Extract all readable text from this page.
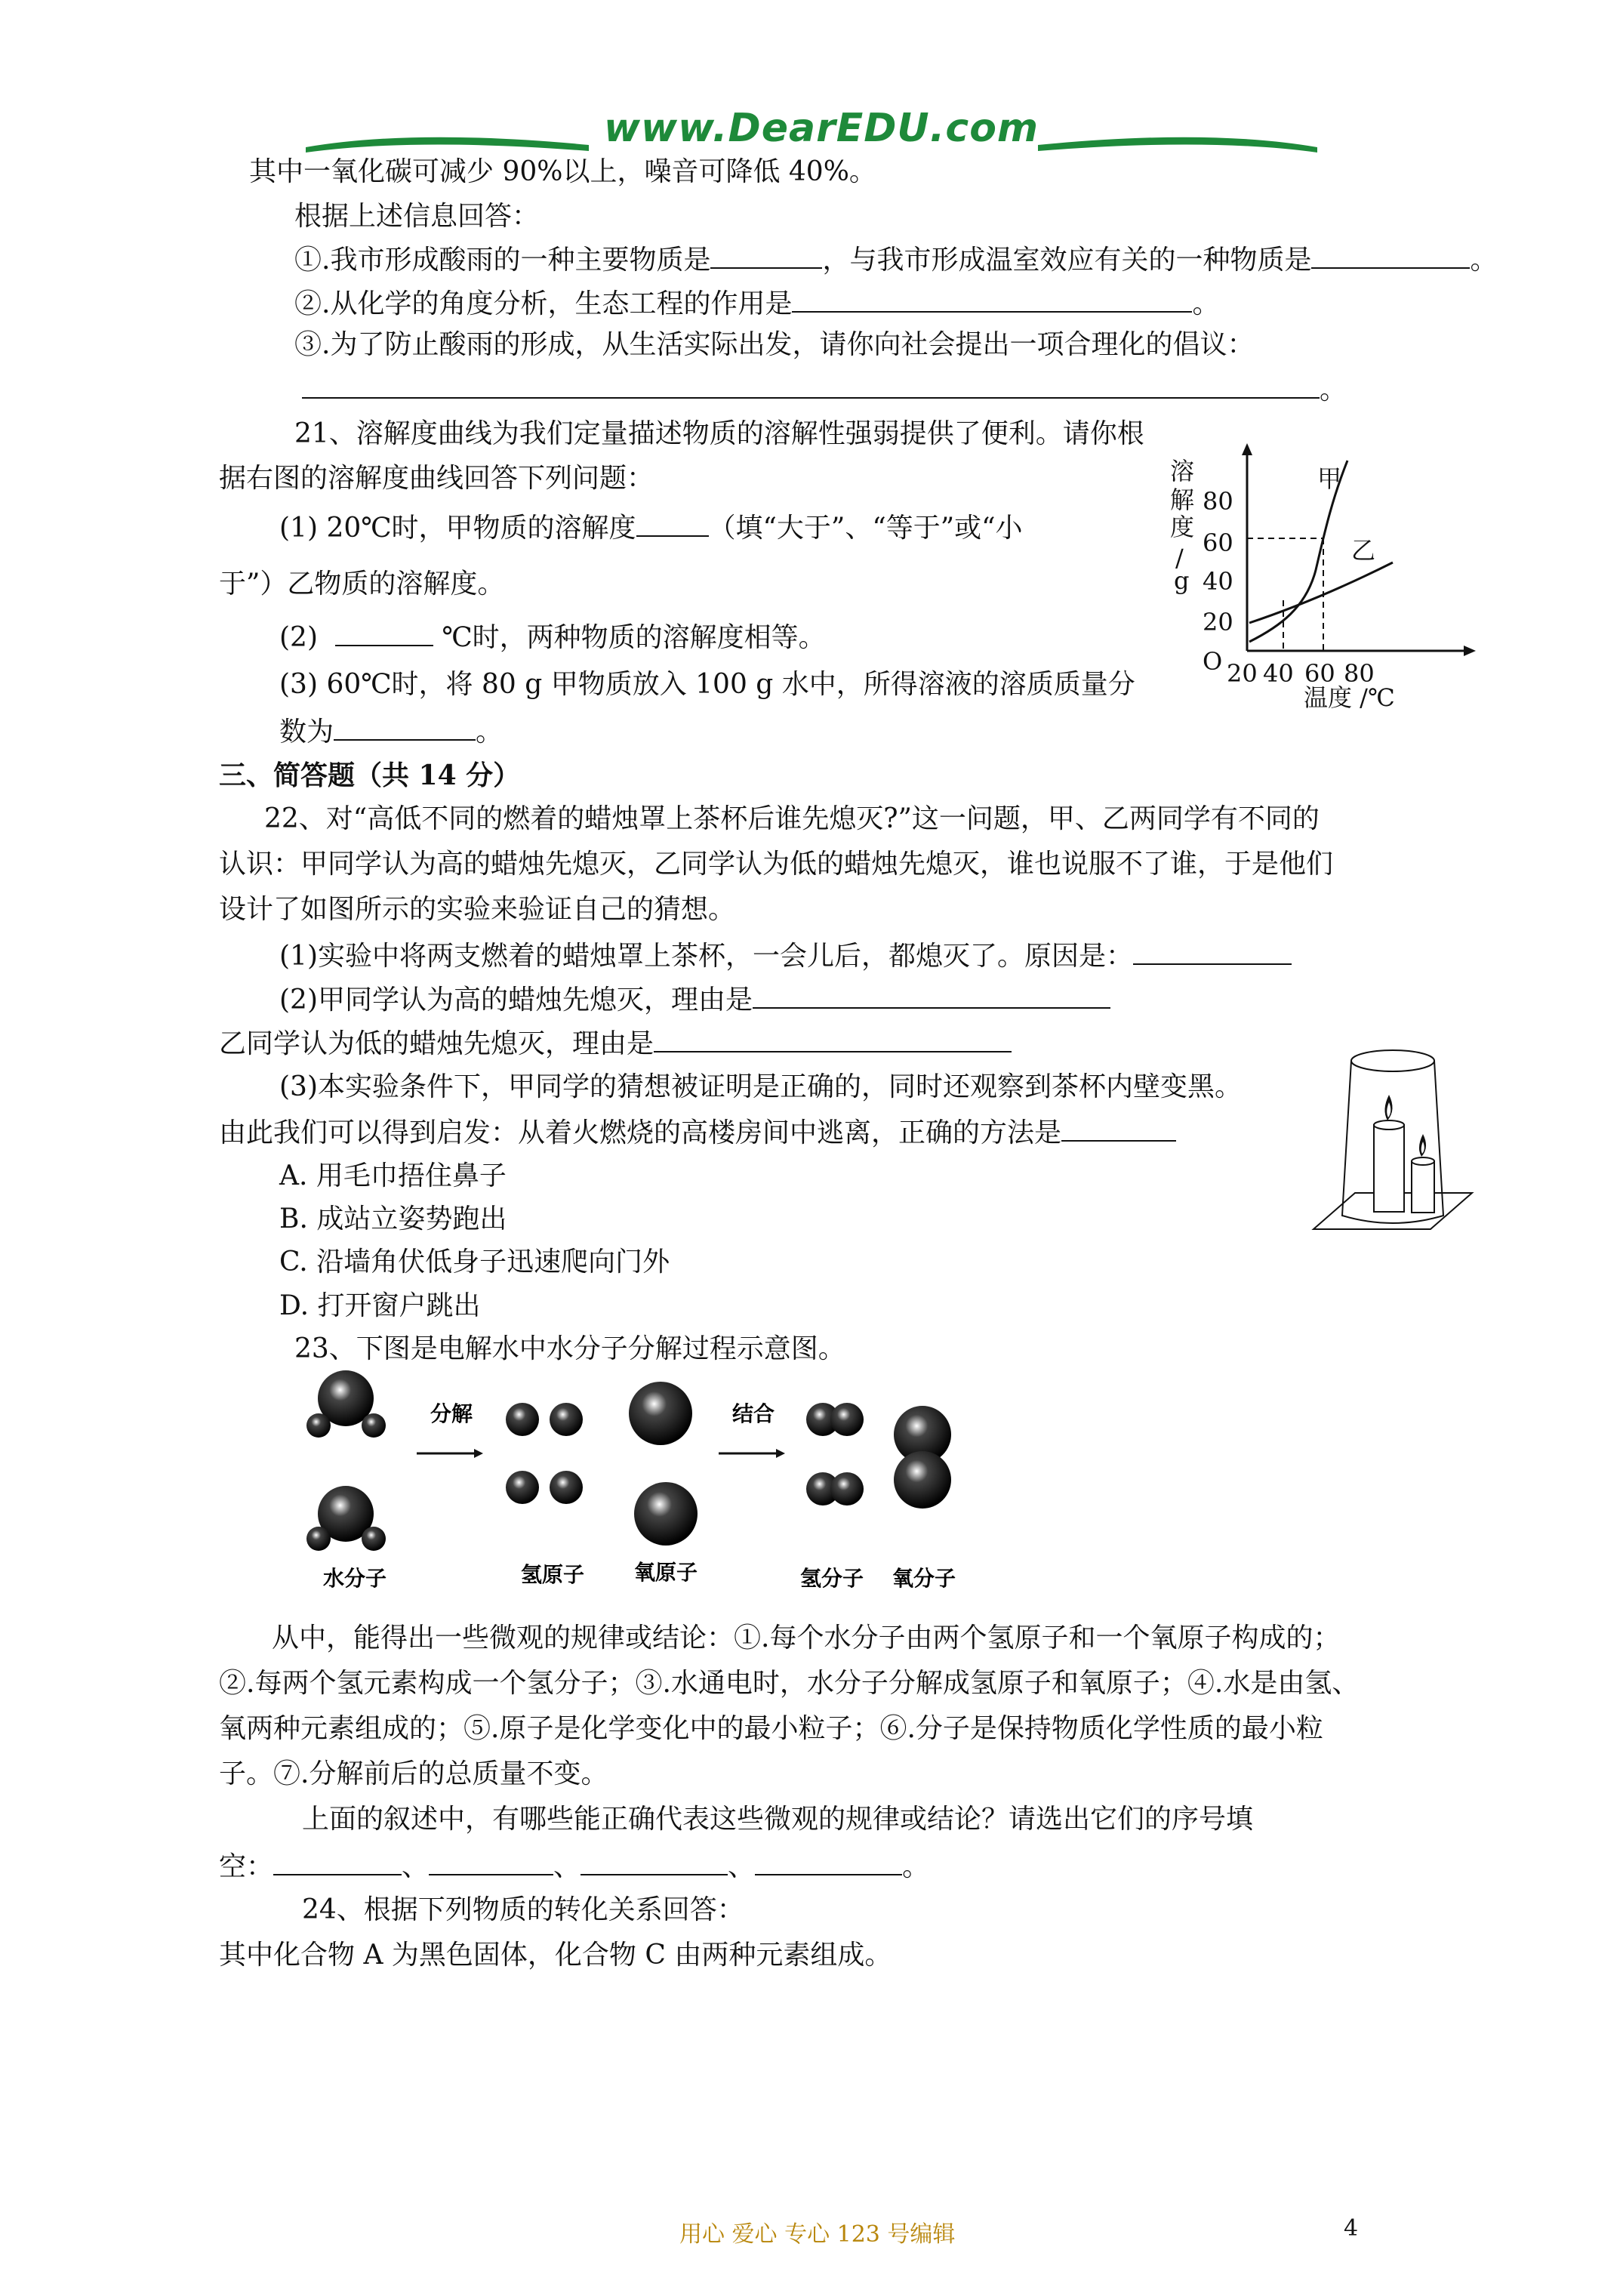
www.DearEDU.com
其中一氧化碳可减少 90%以上，噪音可降低 40%。
根据上述信息回答：
①.我市形成酸雨的一种主要物质是	，与我市形成温室效应有关的一种物质是	。
②.从化学的角度分析，生态工程的作用是	。
③.为了防止酸雨的形成，从生活实际出发，请你向社会提出一项合理化的倡议：
。
21、溶解度曲线为我们定量描述物质的溶解性强弱提供了便利。请你根
据右图的溶解度曲线回答下列问题：
(1) 20℃时，甲物质的溶解度	（填“大于”、“等于”或“小
于”）乙物质的溶解度。
(2)	℃时，两种物质的溶解度相等。
(3) 60℃时，将 80 g 甲物质放入 100 g 水中，所得溶液的溶质质量分
数为	。
溶
解
度
/
g
80
60
40
20
O 20 40 60 80
温度 /℃
甲
乙
三、简答题（共 14 分）
22、对“高低不同的燃着的蜡烛罩上茶杯后谁先熄灭?”这一问题，甲、乙两同学有不同的
认识：甲同学认为高的蜡烛先熄灭，乙同学认为低的蜡烛先熄灭，谁也说服不了谁，于是他们
设计了如图所示的实验来验证自己的猜想。
(1)实验中将两支燃着的蜡烛罩上茶杯，一会儿后，都熄灭了。原因是：
(2)甲同学认为高的蜡烛先熄灭，理由是
乙同学认为低的蜡烛先熄灭，理由是
(3)本实验条件下，甲同学的猜想被证明是正确的，同时还观察到茶杯内壁变黑。
由此我们可以得到启发：从着火燃烧的高楼房间中逃离，正确的方法是
A. 用毛巾捂住鼻子
B. 成站立姿势跑出
C. 沿墙角伏低身子迅速爬向门外
D. 打开窗户跳出
23、下图是电解水中水分子分解过程示意图。
分解	结合
水分子	氢原子 氧原子	氢分子 氧分子
从中，能得出一些微观的规律或结论：①.每个水分子由两个氢原子和一个氧原子构成的；
②.每两个氢元素构成一个氢分子；③.水通电时，水分子分解成氢原子和氧原子；④.水是由氢、
氧两种元素组成的；⑤.原子是化学变化中的最小粒子；⑥.分子是保持物质化学性质的最小粒
子。⑦.分解前后的总质量不变。
上面的叙述中，有哪些能正确代表这些微观的规律或结论？请选出它们的序号填
空：	、	、	、	。
24、根据下列物质的转化关系回答：
其中化合物 A 为黑色固体，化合物 C 由两种元素组成。
用心 爱心 专心 123 号编辑	4
